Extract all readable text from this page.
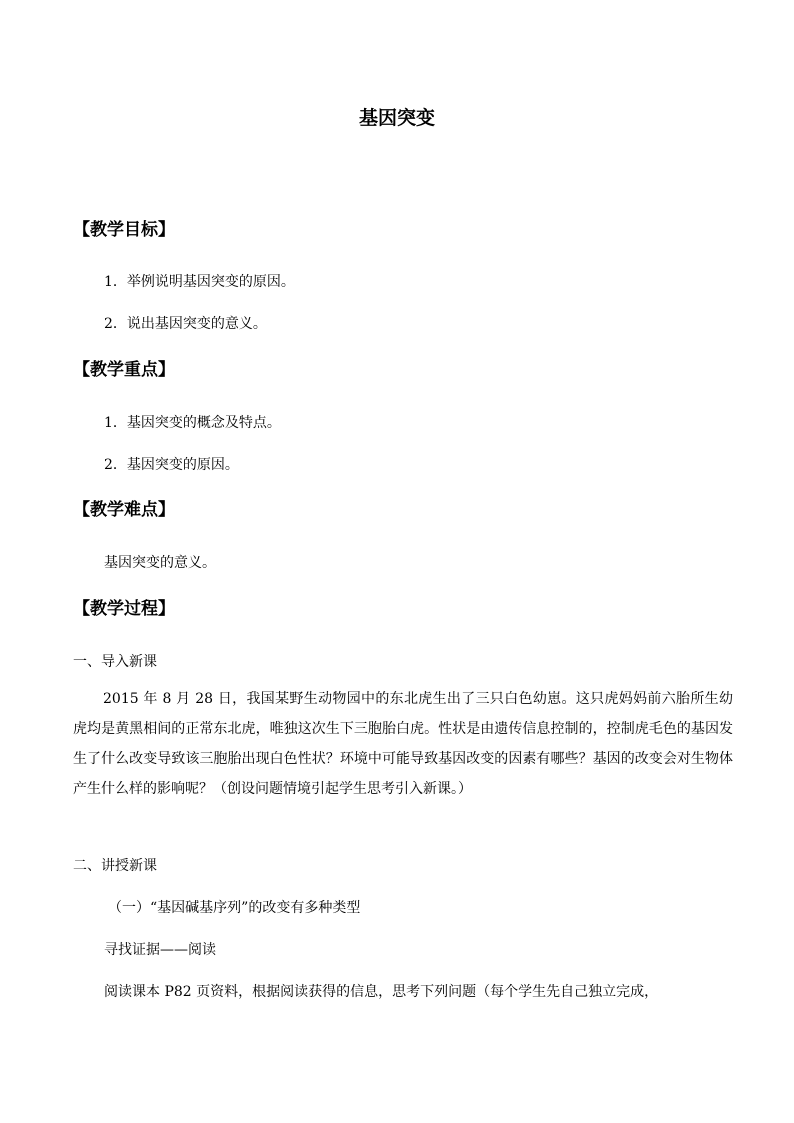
基因突变
【教学目标】
1．举例说明基因突变的原因。
2．说出基因突变的意义。
【教学重点】
1．基因突变的概念及特点。
2．基因突变的原因。
【教学难点】
基因突变的意义。
【教学过程】
一、导入新课
2015 年 8 月 28 日，我国某野生动物园中的东北虎生出了三只白色幼崽。这只虎妈妈前六胎所生幼虎均是黄黑相间的正常东北虎，唯独这次生下三胞胎白虎。性状是由遗传信息控制的，控制虎毛色的基因发生了什么改变导致该三胞胎出现白色性状？环境中可能导致基因改变的因素有哪些？基因的改变会对生物体产生什么样的影响呢？（创设问题情境引起学生思考引入新课。）
二、讲授新课
（一）“基因碱基序列”的改变有多种类型
寻找证据——阅读
阅读课本 P82 页资料，根据阅读获得的信息，思考下列问题（每个学生先自己独立完成，
